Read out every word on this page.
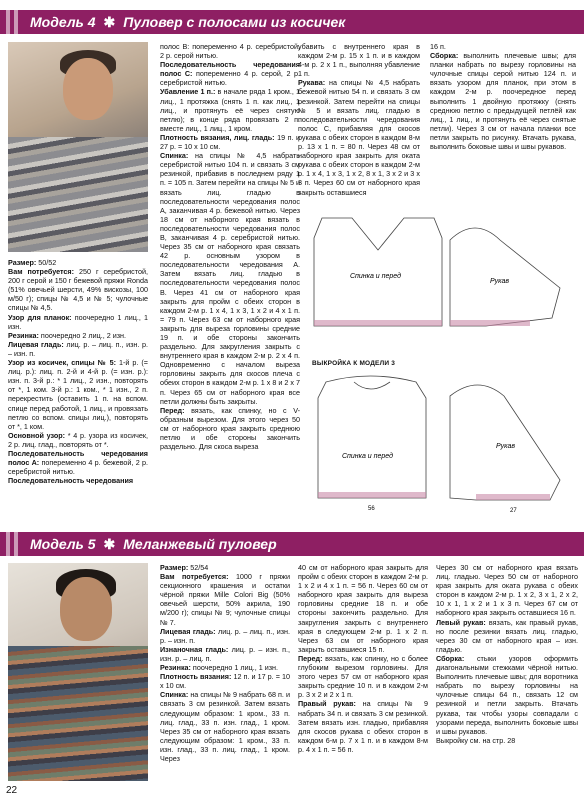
Модель 4 ✱ Пуловер с полосами из косичек

Размер: 50/52

Вам потребуется: 250 г серебристой, 200 г серой и 150 г бежевой пряжи Ronda (51% овечьей шерсти, 49% вискозы, 100 м/50 г); спицы № 4,5 и № 5; чулочные спицы № 4,5.

Узор для планок: поочередно 1 лиц., 1 изн.

Резинка: поочередно 2 лиц., 2 изн.

Лицевая гладь: лиц. р. – лиц. п., изн. р. – изн. п.

Узор из косичек, спицы № 5: 1-й р. (= лиц. р.): лиц. п. 2-й и 4-й р. (= изн. р.): изн. п. 3-й р.: * 1 лиц., 2 изн., повторять от *, 1 ком. 3-й р.: 1 ком., * 1 изн., 2 п. перекрестить (оставить 1 п. на вспом. спице перед работой, 1 лиц., и провязать петлю со вспом. спицы лиц.), повторять от *, 1 ком.

Основной узор: * 4 р. узора из косичек, 2 р. лиц. глад., повторять от *.

Последовательность чередования полос А: попеременно 4 р. бежевой, 2 р. серебристой нитью.

Последовательность чередования

полос В: попеременно 4 р. серебристой, 2 р. серой нитью.

Последовательность чередования полос С: попеременно 4 р. серой, 2 р. серебристой нитью.

Убавление 1 п.: в начале ряда 1 кром., 1 лиц., 1 протяжка (снять 1 п. как лиц., 1 лиц., и протянуть её через снятую петлю); в конце ряда провязать 2 п. вместе лиц., 1 лиц., 1 кром.

Плотность вязания, лиц. гладь: 19 п. и 27 р. = 10 х 10 см.

Спинка: на спицы № 4,5 набрать серебристой нитью 104 п. и связать 3 см резинкой, прибавив в последнем ряду 1 п. = 105 п. Затем перейти на спицы № 5 и вязать лиц. гладью в последовательности чередования полос А, заканчивая 4 р. бежевой нитью. Через 18 см от наборного края вязать в последовательности чередования полос В, заканчивая 4 р. серебристой нитью. Через 35 см от наборного края связать 42 р. основным узором в последовательности чередования А. Затем вязать лиц. гладью в последовательности чередования полос В. Через 41 см от наборного края закрыть для пройм с обеих сторон в каждом 2-м р. 1 х 4, 1 х 3, 1 х 2 и 4 х 1 п. = 79 п. Через 63 см от наборного края закрыть для выреза горловины средние 19 п. и обе стороны закончить раздельно. Для закругления закрыть с внутреннего края в каждом 2-м р. 2 х 4 п. Одновременно с началом выреза горловины закрыть для скосов плеча с обеих сторон в каждом 2-м р. 1 х 8 и 2 х 7 п. Через 65 см от наборного края все петли должны быть закрыты.

Перед: вязать, как спинку, но с V-образным вырезом. Для этого через 50 см от наборного края закрыть среднюю петлю и обе стороны закончить раздельно. Для скоса выреза

убавить с внутреннего края в каждом 2-м р. 15 х 1 п. и в каждом 4-м р. 2 х 1 п., выполняя убавление 1 п.

Рукава: на спицы № 4,5 набрать бежевой нитью 54 п. и связать 3 см резинкой. Затем перейти на спицы № 5 и вязать лиц. гладью в последовательности чередования полос С, прибавляя для скосов рукава с обеих сторон в каждом 8-м р. 13 х 1 п. = 80 п. Через 48 см от наборного края закрыть для оката рукава с обеих сторон в каждом 2-м р. 1 х 4, 1 х 3, 1 х 2, 8 х 1, 3 х 2 и 3 х 3 п. Через 60 см от наборного края закрыть оставшиеся

16 п.

Сборка: выполнить плечевые швы; для планки набрать по вырезу горловины на чулочные спицы серой нитью 124 п. и вязать узором для планок, при этом в каждом 2-м р. поочередное перед выполнить 1 двойную протяжку (снять среднюю петлю с предыдущей петлёй как лиц., 1 лиц., и протянуть её через снятые петли). Через 3 см от начала планки все петли закрыть по рисунку. Втачать рукава, выполнить боковые швы и швы рукавов.

Спинка и перед
Рукав
ВЫКРОЙКА К МОДЕЛИ 3
Спинка и перед
56
Рукав
27
Модель 5 ✱ Меланжевый пуловер

Размер: 52/54

Вам потребуется: 1000 г пряжи секционного крашения и остатки чёрной пряжи Mille Colori Big (50% овечьей шерсти, 50% акрила, 190 м/200 г); спицы № 9; чулочные спицы № 7.

Лицевая гладь: лиц. р. – лиц. п., изн. р. – изн. п.

Изнаночная гладь: лиц. р. – изн. п., изн. р. – лиц. п.

Резинка: поочередно 1 лиц., 1 изн.

Плотность вязания: 12 п. и 17 р. = 10 х 10 см.

Спинка: на спицы № 9 набрать 68 п. и связать 3 см резинкой. Затем вязать следующим образом: 1 кром., 33 п. лиц. глад., 33 п. изн. глад., 1 кром. Через 35 см от наборного края вязать следующим образом: 1 кром., 33 п. изн. глад., 33 п. лиц. глад., 1 кром. Через

40 см от наборного края закрыть для пройм с обеих сторон в каждом 2-м р. 1 х 2 и 4 х 1 п. = 56 п. Через 60 см от наборного края закрыть для выреза горловины средние 18 п. и обе стороны закончить раздельно. Для закругления закрыть с внутреннего края в следующем 2-м р. 1 х 2 п. Через 63 см от наборного края закрыть оставшиеся 15 п.

Перед: вязать, как спинку, но с более глубоким вырезом горловины. Для этого через 57 см от наборного края закрыть средние 10 п. и в каждом 2-м р. 3 х 2 и 2 х 1 п.

Правый рукав: на спицы № 9 набрать 34 п. и связать 3 см резинкой. Затем вязать изн. гладью, прибавляя для скосов рукава с обеих сторон в каждом 6-м р. 7 х 1 п. и в каждом 8-м р. 4 х 1 п. = 56 п.

Через 30 см от наборного края вязать лиц. гладью. Через 50 см от наборного края закрыть для оката рукава с обеих сторон в каждом 2-м р. 1 х 2, 3 х 1, 2 х 2, 10 х 1, 1 х 2 и 1 х 3 п. Через 67 см от наборного края закрыть оставшиеся 16 п.

Левый рукав: вязать, как правый рукав, но после резинки вязать лиц. гладью, через 30 см от наборного края – изн. гладью.

Сборка: стыки узоров оформить диагональными стежками чёрной нитью. Выполнить плечевые швы; для воротника набрать по вырезу горловины на чулочные спицы 64 п., связать 12 см резинкой и петли закрыть. Втачать рукава, так чтобы узоры совпадали с узорами переда, выполнить боковые швы и швы рукавов.

Выкройку см. на стр. 28

22
